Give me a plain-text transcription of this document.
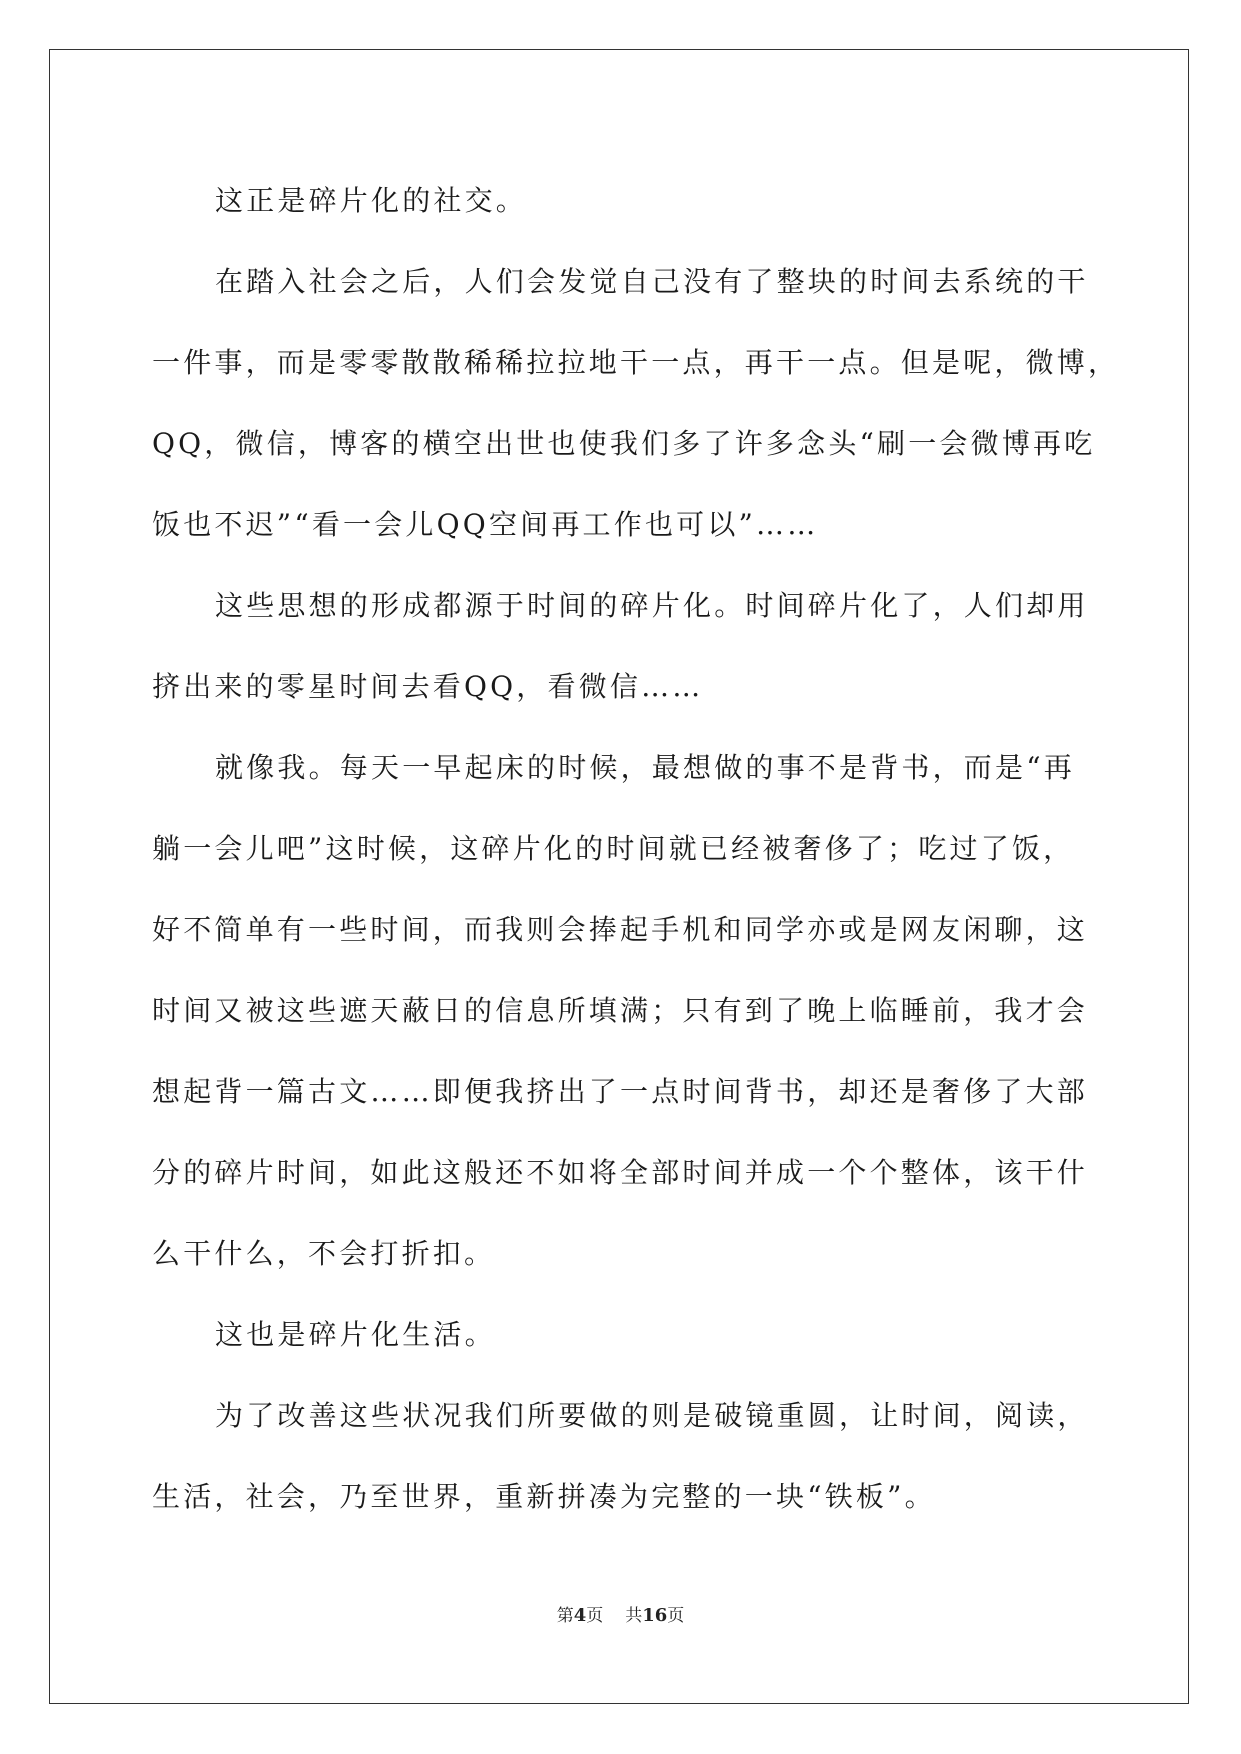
这正是碎片化的社交。
在踏入社会之后，人们会发觉自己没有了整块的时间去系统的干
一件事，而是零零散散稀稀拉拉地干一点，再干一点。但是呢，微博，
QQ，微信，博客的横空出世也使我们多了许多念头“刷一会微博再吃
饭也不迟”“看一会儿QQ空间再工作也可以”……
这些思想的形成都源于时间的碎片化。时间碎片化了，人们却用
挤出来的零星时间去看QQ，看微信……
就像我。每天一早起床的时候，最想做的事不是背书，而是“再
躺一会儿吧”这时候，这碎片化的时间就已经被奢侈了；吃过了饭，
好不简单有一些时间，而我则会捧起手机和同学亦或是网友闲聊，这
时间又被这些遮天蔽日的信息所填满；只有到了晚上临睡前，我才会
想起背一篇古文……即便我挤出了一点时间背书，却还是奢侈了大部
分的碎片时间，如此这般还不如将全部时间并成一个个整体，该干什
么干什么，不会打折扣。
这也是碎片化生活。
为了改善这些状况我们所要做的则是破镜重圆，让时间，阅读，
生活，社会，乃至世界，重新拼凑为完整的一块“铁板”。
第4页 共16页
